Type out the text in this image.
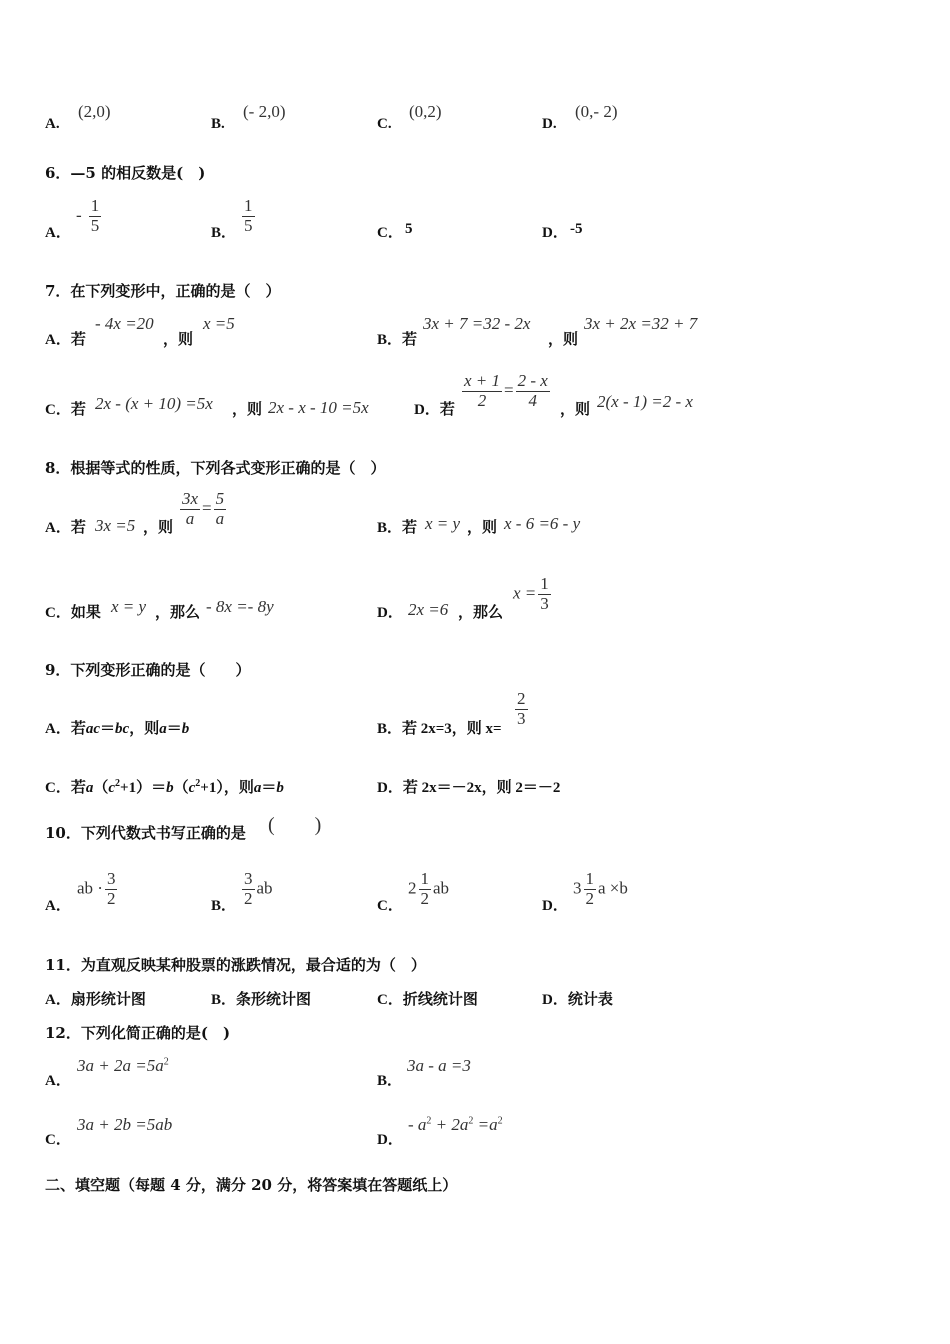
A.
(2,0)
B.
(- 2,0)
C.
(0,2)
D.
(0,- 2)
6．—5 的相反数是(　)
A．
- $\frac{1}{5}$	B． $\frac{1}{5}$	C． 5	D． -5
7．在下列变形中，正确的是（　）
A．若
- 4x =20
，则
x =5
B．若
3x + 7 =32 - 2x
，则
3x + 2x =32 + 7
C．若 2x - (x + 10) =5x ，则 2x - x - 10 =5x	D．若 $\frac{x + 1}{2} = \frac{2 - x}{4}$ ，则 2(x - 1) =2 - x
8．根据等式的性质，下列各式变形正确的是（　）
A．若 3x =5 ，则 $\frac{3x}{a} = \frac{5}{a}$	B．若 x = y ，则 x - 6 =6 - y
C．如果 x = y ，那么 - 8x =- 8y	D． 2x =6 ，那么
$x = \frac{1}{3}$
9．下列变形正确的是（　　）
A．若ac＝bc，则a＝b	B．若 2x=3，则 x=
$\frac{2}{3}$
C．若$a(c^2+1)=b(c^2+1)$，则a＝b	D．若 2x＝－2x，则 2＝－2
10．下列代数式书写正确的是 (　　)
A．
ab · $\frac{3}{2}$	B． $\frac{3}{2}$ ab
C．
$2 \frac{1}{2}$ ab
D．
$3 \frac{1}{2}$ a ×b
11．为直观反映某种股票的涨跌情况，最合适的为（　）
A．扇形统计图	B．条形统计图	C．折线统计图	D．统计表
12．下列化简正确的是(　)
A．
$3a + 2a =5a^2$
B．
3a - a =3
C．
3a + 2b =5ab
D．
- $a^2 + 2a^2 =a^2$
二、填空题（每题 4 分，满分 20 分，将答案填在答题纸上）
